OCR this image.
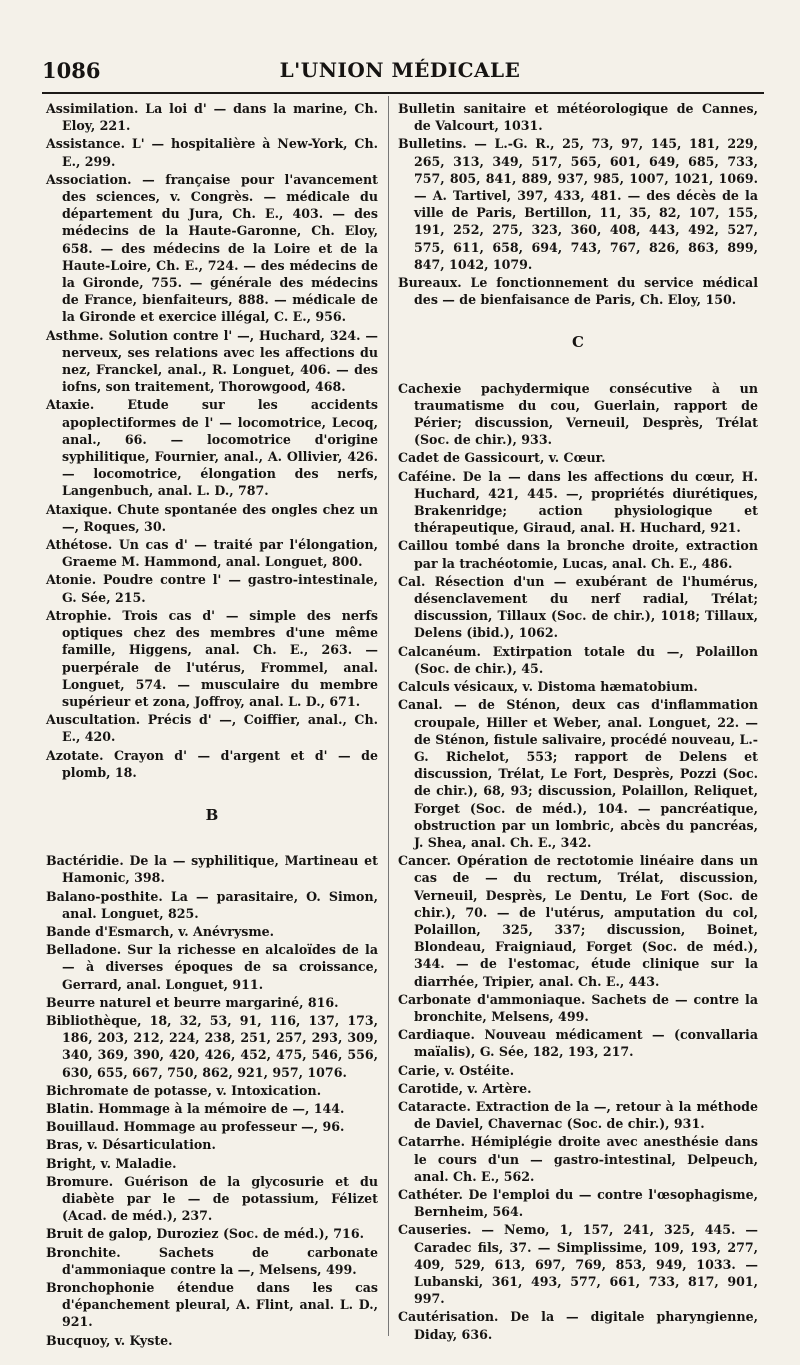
1086	L'UNION MÉDICALE

Assimilation. La loi d' — dans la marine, Ch. Eloy, 221.

Assistance. L' — hospitalière à New-York, Ch. E., 299.

Association. — française pour l'avancement des sciences, v. Congrès. — médicale du département du Jura, Ch. E., 403. — des médecins de la Haute-Garonne, Ch. Eloy, 658. — des médecins de la Loire et de la Haute-Loire, Ch. E., 724. — des médecins de la Gironde, 755. — générale des médecins de France, bienfaiteurs, 888. — médicale de la Gironde et exercice illégal, C. E., 956.

Asthme. Solution contre l' —, Huchard, 324. — nerveux, ses relations avec les affections du nez, Franckel, anal., R. Longuet, 406. — des iofns, son traitement, Thorowgood, 468.

Ataxie. Etude sur les accidents apoplectiformes de l' — locomotrice, Lecoq, anal., 66. — locomotrice d'origine syphilitique, Fournier, anal., A. Ollivier, 426. — locomotrice, élongation des nerfs, Langenbuch, anal. L. D., 787.

Ataxique. Chute spontanée des ongles chez un —, Roques, 30.

Athétose. Un cas d' — traité par l'élongation, Graeme M. Hammond, anal. Longuet, 800.

Atonie. Poudre contre l' — gastro-intestinale, G. Sée, 215.

Atrophie. Trois cas d' — simple des nerfs optiques chez des membres d'une même famille, Higgens, anal. Ch. E., 263. — puerpérale de l'utérus, Frommel, anal. Longuet, 574. — musculaire du membre supérieur et zona, Joffroy, anal. L. D., 671.

Auscultation. Précis d' —, Coiffier, anal., Ch. E., 420.

Azotate. Crayon d' — d'argent et d' — de plomb, 18.

B

Bactéridie. De la — syphilitique, Martineau et Hamonic, 398.

Balano-posthite. La — parasitaire, O. Simon, anal. Longuet, 825.

Bande d'Esmarch, v. Anévrysme.

Belladone. Sur la richesse en alcaloïdes de la — à diverses époques de sa croissance, Gerrard, anal. Longuet, 911.

Beurre naturel et beurre margariné, 816.

Bibliothèque, 18, 32, 53, 91, 116, 137, 173, 186, 203, 212, 224, 238, 251, 257, 293, 309, 340, 369, 390, 420, 426, 452, 475, 546, 556, 630, 655, 667, 750, 862, 921, 957, 1076.

Bichromate de potasse, v. Intoxication.

Blatin. Hommage à la mémoire de —, 144.

Bouillaud. Hommage au professeur —, 96.

Bras, v. Désarticulation.

Bright, v. Maladie.

Bromure. Guérison de la glycosurie et du diabète par le — de potassium, Félizet (Acad. de méd.), 237.

Bruit de galop, Duroziez (Soc. de méd.), 716.

Bronchite. Sachets de carbonate d'ammoniaque contre la —, Melsens, 499.

Bronchophonie étendue dans les cas d'épanchement pleural, A. Flint, anal. L. D., 921.

Bucquoy, v. Kyste.

Bulletin sanitaire et météorologique de Cannes, de Valcourt, 1031.

Bulletins. — L.-G. R., 25, 73, 97, 145, 181, 229, 265, 313, 349, 517, 565, 601, 649, 685, 733, 757, 805, 841, 889, 937, 985, 1007, 1021, 1069. — A. Tartivel, 397, 433, 481. — des décès de la ville de Paris, Bertillon, 11, 35, 82, 107, 155, 191, 252, 275, 323, 360, 408, 443, 492, 527, 575, 611, 658, 694, 743, 767, 826, 863, 899, 847, 1042, 1079.

Bureaux. Le fonctionnement du service médical des — de bienfaisance de Paris, Ch. Eloy, 150.

C

Cachexie pachydermique consécutive à un traumatisme du cou, Guerlain, rapport de Périer; discussion, Verneuil, Desprès, Trélat (Soc. de chir.), 933.

Cadet de Gassicourt, v. Cœur.

Caféine. De la — dans les affections du cœur, H. Huchard, 421, 445. —, propriétés diurétiques, Brakenridge; action physiologique et thérapeutique, Giraud, anal. H. Huchard, 921.

Caillou tombé dans la bronche droite, extraction par la trachéotomie, Lucas, anal. Ch. E., 486.

Cal. Résection d'un — exubérant de l'humérus, désenclavement du nerf radial, Trélat; discussion, Tillaux (Soc. de chir.), 1018; Tillaux, Delens (ibid.), 1062.

Calcanéum. Extirpation totale du —, Polaillon (Soc. de chir.), 45.

Calculs vésicaux, v. Distoma hæmatobium.

Canal. — de Sténon, deux cas d'inflammation croupale, Hiller et Weber, anal. Longuet, 22. — de Sténon, fistule salivaire, procédé nouveau, L.-G. Richelot, 553; rapport de Delens et discussion, Trélat, Le Fort, Desprès, Pozzi (Soc. de chir.), 68, 93; discussion, Polaillon, Reliquet, Forget (Soc. de méd.), 104. — pancréatique, obstruction par un lombric, abcès du pancréas, J. Shea, anal. Ch. E., 342.

Cancer. Opération de rectotomie linéaire dans un cas de — du rectum, Trélat, discussion, Verneuil, Desprès, Le Dentu, Le Fort (Soc. de chir.), 70. — de l'utérus, amputation du col, Polaillon, 325, 337; discussion, Boinet, Blondeau, Fraigniaud, Forget (Soc. de méd.), 344. — de l'estomac, étude clinique sur la diarrhée, Tripier, anal. Ch. E., 443.

Carbonate d'ammoniaque. Sachets de — contre la bronchite, Melsens, 499.

Cardiaque. Nouveau médicament — (convallaria maïalis), G. Sée, 182, 193, 217.

Carie, v. Ostéite.

Carotide, v. Artère.

Cataracte. Extraction de la —, retour à la méthode de Daviel, Chavernac (Soc. de chir.), 931.

Catarrhe. Hémiplégie droite avec anesthésie dans le cours d'un — gastro-intestinal, Delpeuch, anal. Ch. E., 562.

Cathéter. De l'emploi du — contre l'œsophagisme, Bernheim, 564.

Causeries. — Nemo, 1, 157, 241, 325, 445. — Caradec fils, 37. — Simplissime, 109, 193, 277, 409, 529, 613, 697, 769, 853, 949, 1033. — Lubanski, 361, 493, 577, 661, 733, 817, 901, 997.

Cautérisation. De la — digitale pharyngienne, Diday, 636.
